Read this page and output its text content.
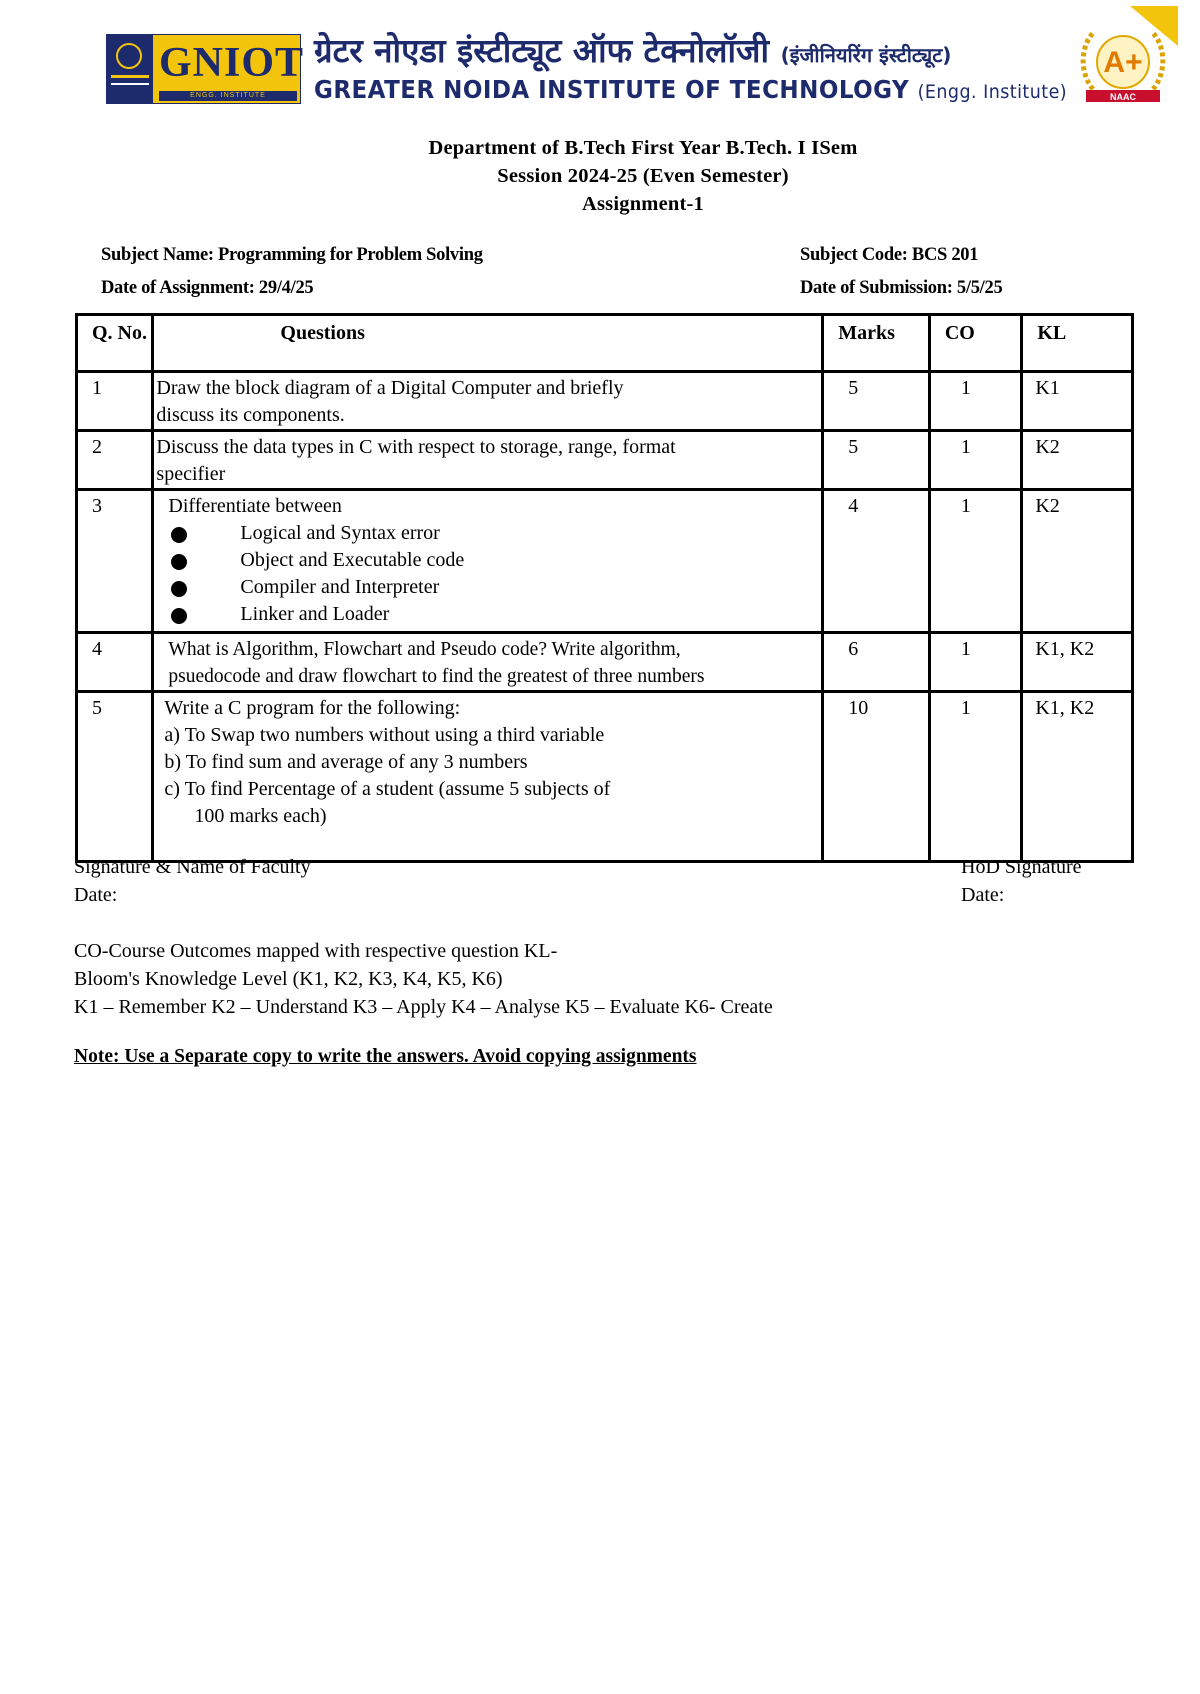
GNIOT
ENGG. INSTITUTE
ग्रेटर नोएडा इंस्टीट्यूट ऑफ टेक्नोलॉजी (इंजीनियरिंग इंस्टीट्यूट)
GREATER NOIDA INSTITUTE OF TECHNOLOGY (Engg. Institute)
A+
NAAC
Department of B.Tech First Year B.Tech. I ISem
Session 2024-25 (Even Semester)
Assignment-1
Subject Name: Programming for Problem Solving	Subject Code: BCS 201
Date of Assignment: 29/4/25	Date of Submission: 5/5/25
Q. No.	Questions	Marks	CO	KL
1	Draw the block diagram of a Digital Computer and briefly
discuss its components.	5	1	K1
2	Discuss the data types in C with respect to storage, range, format
specifier	5	1	K2
3	Differentiate between
Logical and Syntax error
Object and Executable code
Compiler and Interpreter
Linker and Loader	4	1	K2
4	What is Algorithm, Flowchart and Pseudo code? Write algorithm,
psuedocode and draw flowchart to find the greatest of three numbers	6	1	K1, K2
5	Write a C program for the following:
a) To Swap two numbers without using a third variable
b) To find sum and average of any 3 numbers
c) To find Percentage of a student (assume 5 subjects of
100 marks each)	10	1	K1, K2
Signature & Name of Faculty
Date:
HoD Signature
Date:
CO-Course Outcomes mapped with respective question KL-
Bloom's Knowledge Level (K1, K2, K3, K4, K5, K6)
K1 – Remember K2 – Understand K3 – Apply K4 – Analyse K5 – Evaluate K6- Create
Note: Use a Separate copy to write the answers. Avoid copying assignments
